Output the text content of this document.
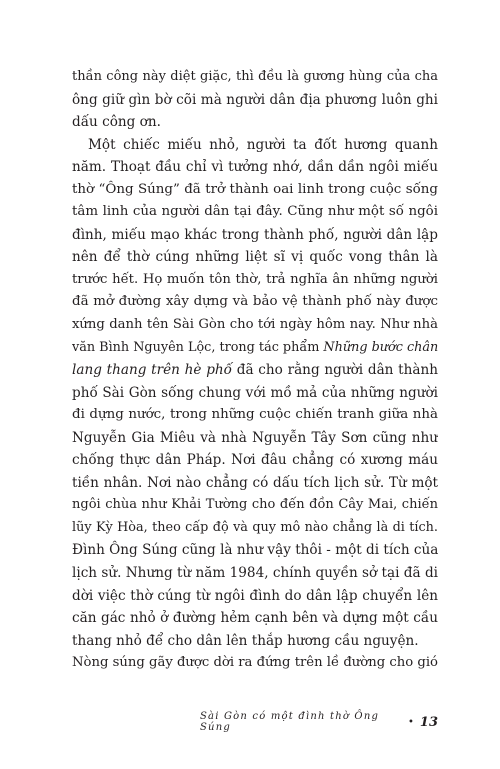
thần công này diệt giặc, thì đều là gương hùng của cha
ông giữ gìn bờ cõi mà người dân địa phương luôn ghi
dấu công ơn.
Một chiếc miếu nhỏ, người ta đốt hương quanh
năm. Thoạt đầu chỉ vì tưởng nhớ, dần dần ngôi miếu
thờ “Ông Súng” đã trở thành oai linh trong cuộc sống
tâm linh của người dân tại đây. Cũng như một số ngôi
đình, miếu mạo khác trong thành phố, người dân lập
nên để thờ cúng những liệt sĩ vị quốc vong thân là
trước hết. Họ muốn tôn thờ, trả nghĩa ân những người
đã mở đường xây dựng và bảo vệ thành phố này được
xứng danh tên Sài Gòn cho tới ngày hôm nay. Như nhà
văn Bình Nguyên Lộc, trong tác phẩm Những bước chân
lang thang trên hè phố đã cho rằng người dân thành
phố Sài Gòn sống chung với mồ mả của những người
đi dựng nước, trong những cuộc chiến tranh giữa nhà
Nguyễn Gia Miêu và nhà Nguyễn Tây Sơn cũng như
chống thực dân Pháp. Nơi đâu chẳng có xương máu
tiền nhân. Nơi nào chẳng có dấu tích lịch sử. Từ một
ngôi chùa như Khải Tường cho đến đồn Cây Mai, chiến
lũy Kỳ Hòa, theo cấp độ và quy mô nào chẳng là di tích.
Đình Ông Súng cũng là như vậy thôi - một di tích của
lịch sử. Nhưng từ năm 1984, chính quyền sở tại đã di
dời việc thờ cúng từ ngôi đình do dân lập chuyển lên
căn gác nhỏ ở đường hẻm cạnh bên và dựng một cầu
thang nhỏ để cho dân lên thắp hương cầu nguyện.
Nòng súng gãy được dời ra đứng trên lề đường cho gió
Sài Gòn có một đình thờ Ông Súng	• 13
